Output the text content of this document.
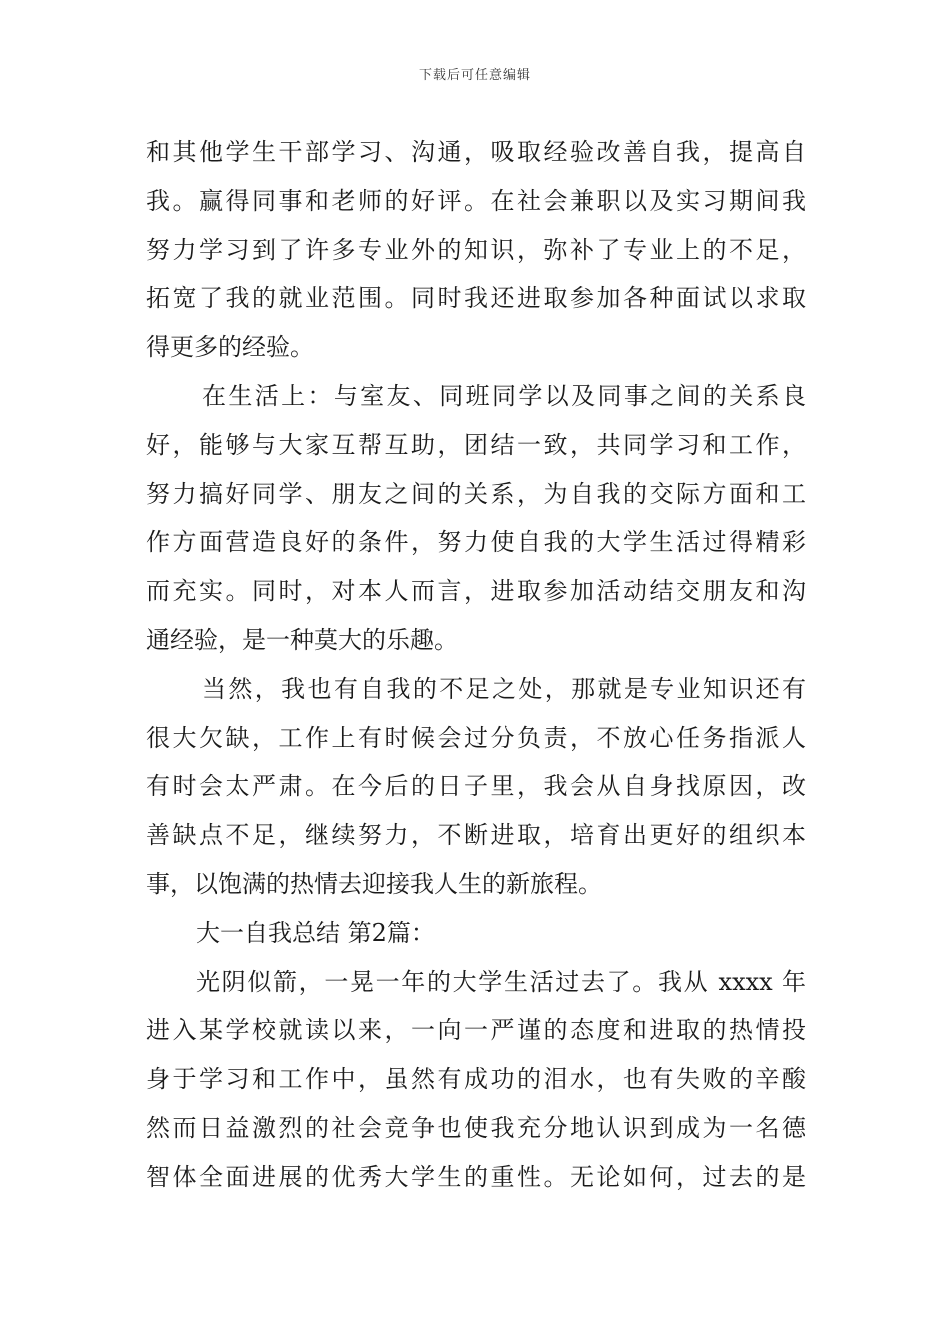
下载后可任意编辑
和其他学生干部学习、沟通，吸取经验改善自我，提高自
我。赢得同事和老师的好评。在社会兼职以及实习期间我
努力学习到了许多专业外的知识，弥补了专业上的不足，
拓宽了我的就业范围。同时我还进取参加各种面试以求取
得更多的经验。
在生活上：与室友、同班同学以及同事之间的关系良
好，能够与大家互帮互助，团结一致，共同学习和工作，
努力搞好同学、朋友之间的关系，为自我的交际方面和工
作方面营造良好的条件，努力使自我的大学生活过得精彩
而充实。同时，对本人而言，进取参加活动结交朋友和沟
通经验，是一种莫大的乐趣。
当然，我也有自我的不足之处，那就是专业知识还有
很大欠缺，工作上有时候会过分负责，不放心任务指派人
有时会太严肃。在今后的日子里，我会从自身找原因，改
善缺点不足，继续努力，不断进取，培育出更好的组织本
事，以饱满的热情去迎接我人生的新旅程。
大一自我总结 第2篇：
光阴似箭，一晃一年的大学生活过去了。我从 xxxx 年
进入某学校就读以来，一向一严谨的态度和进取的热情投
身于学习和工作中，虽然有成功的泪水，也有失败的辛酸
然而日益激烈的社会竞争也使我充分地认识到成为一名德
智体全面进展的优秀大学生的重性。无论如何，过去的是
